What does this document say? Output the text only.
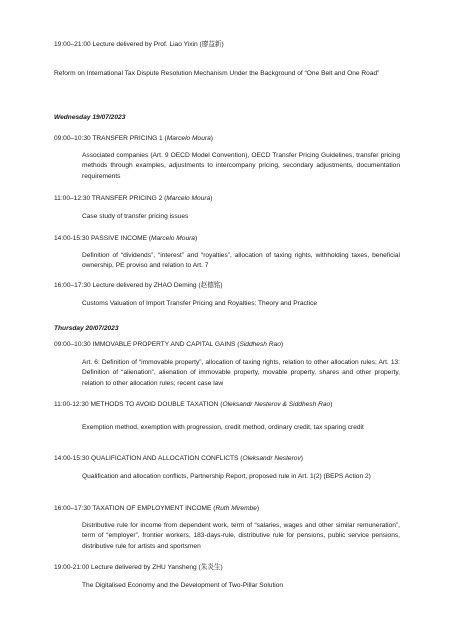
19:00–21:00 Lecture delivered by Prof. Liao Yixin (廖益新)
Reform on International Tax Dispute Resolution Mechanism Under the Background of “One Belt and One Road”
Wednesday 19/07/2023
09:00–10:30 TRANSFER PRICING 1 (Marcelo Moura)
Associated companies (Art. 9 OECD Model Convention), OECD Transfer Pricing Guidelines, transfer pricing methods through examples, adjustments to intercompany pricing, secondary adjustments, documentation requirements
11:00–12:30 TRANSFER PRICING 2 (Marcelo Moura)
Case study of transfer pricing issues
14:00-15:30 PASSIVE INCOME (Marcelo Moura)
Definition of “dividends”, “interest” and “royalties”, allocation of taxing rights, withholding taxes, beneficial ownership, PE proviso and relation to Art. 7
16:00–17:30 Lecture delivered by ZHAO Deming (赵德铭)
Customs Valuation of Import Transfer Pricing and Royalties: Theory and Practice
Thursday 20/07/2023
09:00–10:30 IMMOVABLE PROPERTY AND CAPITAL GAINS (Siddhesh Rao)
Art. 6: Definition of “immovable property”, allocation of taxing rights, relation to other allocation rules; Art. 13: Definition of “alienation”, alienation of immovable property, movable property, shares and other property, relation to other allocation rules; recent case law
11:00-12:30 METHODS TO AVOID DOUBLE TAXATION (Oleksandr Nesterov & Siddhesh Rao)
Exemption method, exemption with progression, credit method, ordinary credit, tax sparing credit
14:00-15:30 QUALIFICATION AND ALLOCATION CONFLICTS (Oleksandr Nesterov)
Qualification and allocation conflicts, Partnership Report, proposed rule in Art. 1(2) (BEPS Action 2)
16:00–17:30 TAXATION OF EMPLOYMENT INCOME (Ruth Mirembe)
Distributive rule for income from dependent work, term of “salaries, wages and other similar remuneration”, term of “employer”, frontier workers, 183-days-rule, distributive rule for pensions, public service pensions, distributive rule for artists and sportsmen
19:00-21:00 Lecture delivered by ZHU Yansheng (朱炎生)
The Digitalised Economy and the Development of Two-Pillar Solution
